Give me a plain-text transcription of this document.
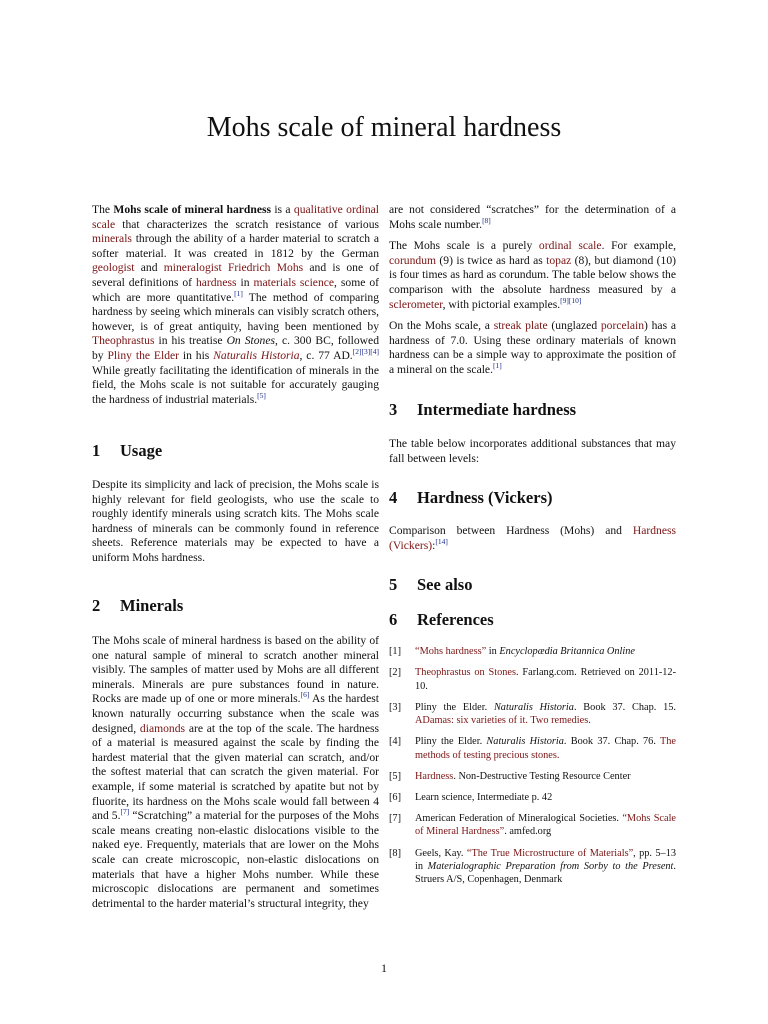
Mohs scale of mineral hardness

The Mohs scale of mineral hardness is a qualitative ordinal scale that characterizes the scratch resistance of various minerals through the ability of a harder material to scratch a softer material. It was created in 1812 by the German geologist and mineralogist Friedrich Mohs and is one of several definitions of hardness in materials science, some of which are more quantitative.[1] The method of comparing hardness by seeing which minerals can visibly scratch others, however, is of great antiquity, having been mentioned by Theophrastus in his treatise On Stones, c. 300 BC, followed by Pliny the Elder in his Naturalis Historia, c. 77 AD.[2][3][4] While greatly facilitating the identification of minerals in the field, the Mohs scale is not suitable for accurately gauging the hardness of industrial materials.[5]

1	Usage

Despite its simplicity and lack of precision, the Mohs scale is highly relevant for field geologists, who use the scale to roughly identify minerals using scratch kits. The Mohs scale hardness of minerals can be commonly found in reference sheets. Reference materials may be expected to have a uniform Mohs hardness.

2	Minerals

The Mohs scale of mineral hardness is based on the ability of one natural sample of mineral to scratch another mineral visibly. The samples of matter used by Mohs are all different minerals. Minerals are pure substances found in nature. Rocks are made up of one or more minerals.[6] As the hardest known naturally occurring substance when the scale was designed, diamonds are at the top of the scale. The hardness of a material is measured against the scale by finding the hardest material that the given material can scratch, and/or the softest material that can scratch the given material. For example, if some material is scratched by apatite but not by fluorite, its hardness on the Mohs scale would fall between 4 and 5.[7] “Scratching” a material for the purposes of the Mohs scale means creating non-elastic dislocations visible to the naked eye. Frequently, materials that are lower on the Mohs scale can create microscopic, non-elastic dislocations on materials that have a higher Mohs number. While these microscopic dislocations are permanent and sometimes detrimental to the harder material’s structural integrity, they

are not considered “scratches” for the determination of a Mohs scale number.[8]

The Mohs scale is a purely ordinal scale. For example, corundum (9) is twice as hard as topaz (8), but diamond (10) is four times as hard as corundum. The table below shows the comparison with the absolute hardness measured by a sclerometer, with pictorial examples.[9][10]

On the Mohs scale, a streak plate (unglazed porcelain) has a hardness of 7.0. Using these ordinary materials of known hardness can be a simple way to approximate the position of a mineral on the scale.[1]

3	Intermediate hardness

The table below incorporates additional substances that may fall between levels:

4	Hardness (Vickers)

Comparison between Hardness (Mohs) and Hardness (Vickers):[14]

5	See also
6	References
[1]	“Mohs hardness” in Encyclopædia Britannica Online
[2]	Theophrastus on Stones. Farlang.com. Retrieved on 2011-12-10.
[3]	Pliny the Elder. Naturalis Historia. Book 37. Chap. 15. ADamas: six varieties of it. Two remedies.
[4]	Pliny the Elder. Naturalis Historia. Book 37. Chap. 76. The methods of testing precious stones.
[5]	Hardness. Non-Destructive Testing Resource Center
[6]	Learn science, Intermediate p. 42
[7]	American Federation of Mineralogical Societies. “Mohs Scale of Mineral Hardness”. amfed.org
[8]	Geels, Kay. “The True Microstructure of Materials”, pp. 5–13 in Materialographic Preparation from Sorby to the Present. Struers A/S, Copenhagen, Denmark
1
